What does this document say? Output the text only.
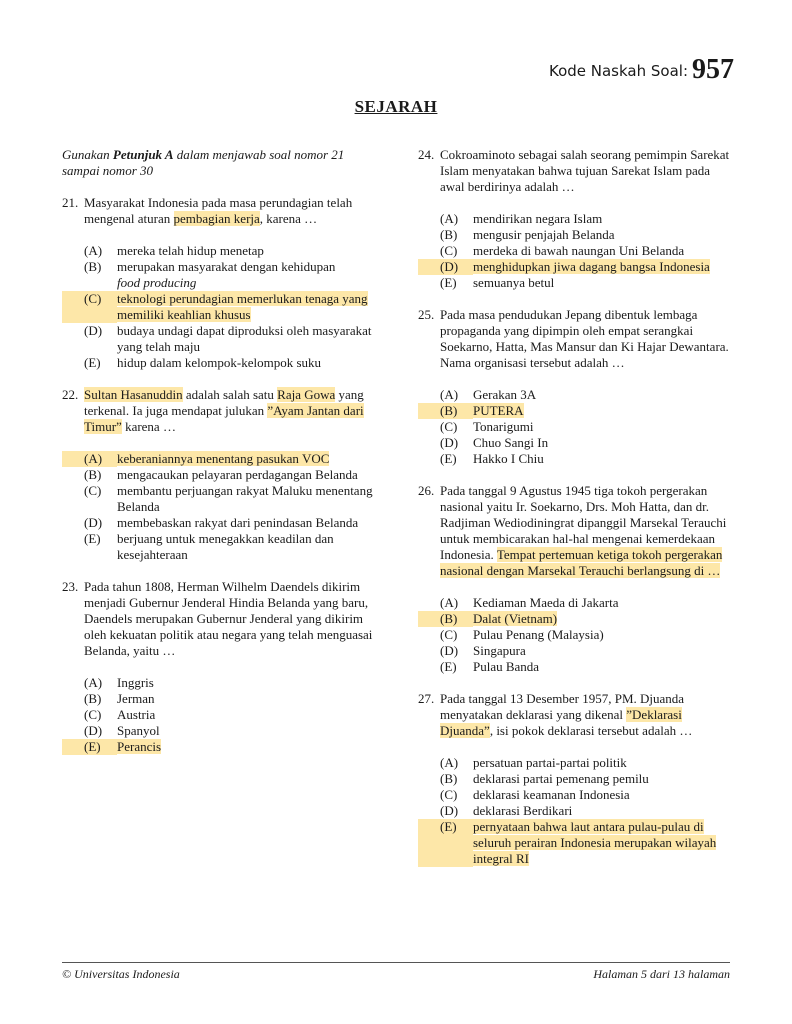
Kode Naskah Soal: 957
SEJARAH
Gunakan Petunjuk A dalam menjawab soal nomor 21 sampai nomor 30
21. Masyarakat Indonesia pada masa perundagian telah mengenal aturan pembagian kerja, karena …
(A)	mereka telah hidup menetap
(B)	merupakan masyarakat dengan kehidupan
food producing
(C)	teknologi perundagian memerlukan tenaga yang memiliki keahlian khusus
(D)	budaya undagi dapat diproduksi oleh masyarakat yang telah maju
(E)	hidup dalam kelompok-kelompok suku
22. Sultan Hasanuddin adalah salah satu Raja Gowa yang terkenal. Ia juga mendapat julukan ”Ayam Jantan dari Timur” karena …
(A)	keberaniannya menentang pasukan VOC
(B)	mengacaukan pelayaran perdagangan Belanda
(C)	membantu perjuangan rakyat Maluku menentang Belanda
(D)	membebaskan rakyat dari penindasan Belanda
(E)	berjuang untuk menegakkan keadilan dan kesejahteraan
23. Pada tahun 1808, Herman Wilhelm Daendels dikirim menjadi Gubernur Jenderal Hindia Belanda yang baru, Daendels merupakan Gubernur Jenderal yang dikirim oleh kekuatan politik atau negara yang telah menguasai Belanda, yaitu …
(A)	Inggris
(B)	Jerman
(C)	Austria
(D)	Spanyol
(E)	Perancis
24. Cokroaminoto sebagai salah seorang pemimpin Sarekat Islam menyatakan bahwa tujuan Sarekat Islam pada awal berdirinya adalah …
(A)	mendirikan negara Islam
(B)	mengusir penjajah Belanda
(C)	merdeka di bawah naungan Uni Belanda
(D)	menghidupkan jiwa dagang bangsa Indonesia
(E)	semuanya betul
25. Pada masa pendudukan Jepang dibentuk lembaga propaganda yang dipimpin oleh empat serangkai Soekarno, Hatta, Mas Mansur dan Ki Hajar Dewantara. Nama organisasi tersebut adalah …
(A)	Gerakan 3A
(B)	PUTERA
(C)	Tonarigumi
(D)	Chuo Sangi In
(E)	Hakko I Chiu
26. Pada tanggal 9 Agustus 1945 tiga tokoh pergerakan nasional yaitu Ir. Soekarno, Drs. Moh Hatta, dan dr. Radjiman Wediodiningrat dipanggil Marsekal Terauchi untuk membicarakan hal-hal mengenai kemerdekaan Indonesia. Tempat pertemuan ketiga tokoh pergerakan nasional dengan Marsekal Terauchi berlangsung di …
(A)	Kediaman Maeda di Jakarta
(B)	Dalat (Vietnam)
(C)	Pulau Penang (Malaysia)
(D)	Singapura
(E)	Pulau Banda
27. Pada tanggal 13 Desember 1957, PM. Djuanda menyatakan deklarasi yang dikenal ”Deklarasi Djuanda”, isi pokok deklarasi tersebut adalah …
(A)	persatuan partai-partai politik
(B)	deklarasi partai pemenang pemilu
(C)	deklarasi keamanan Indonesia
(D)	deklarasi Berdikari
(E)	pernyataan bahwa laut antara pulau-pulau di seluruh perairan Indonesia merupakan wilayah integral RI
© Universitas Indonesia	Halaman 5 dari 13 halaman
